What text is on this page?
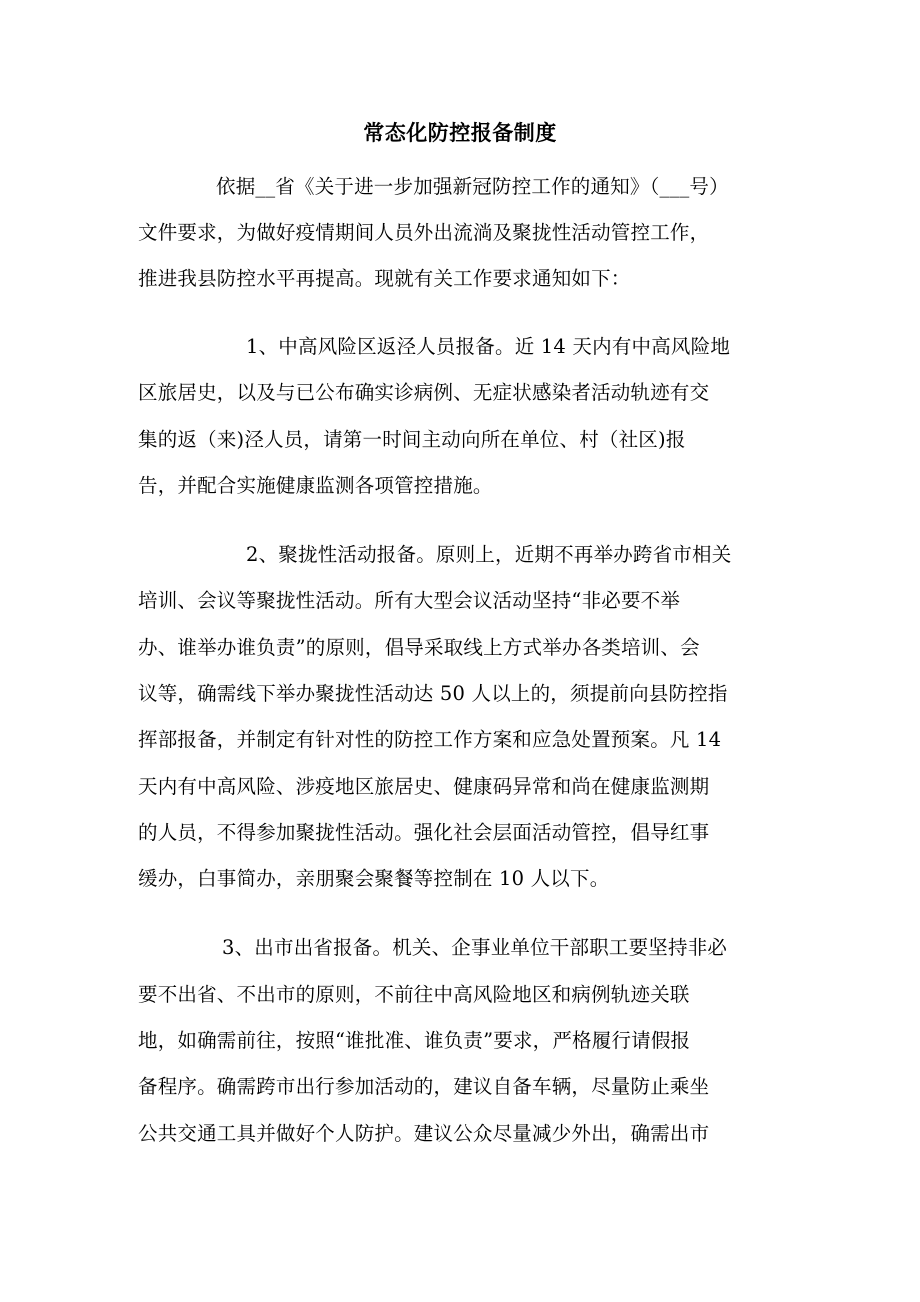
常态化防控报备制度
依据__省《关于进一步加强新冠防控工作的通知》（___号）
文件要求，为做好疫情期间人员外出流淌及聚拢性活动管控工作，
推进我县防控水平再提高。现就有关工作要求通知如下：
1、中高风险区返泾人员报备。近 14 天内有中高风险地
区旅居史，以及与已公布确实诊病例、无症状感染者活动轨迹有交
集的返（来)泾人员，请第一时间主动向所在单位、村（社区)报
告，并配合实施健康监测各项管控措施。
2、聚拢性活动报备。原则上，近期不再举办跨省市相关
培训、会议等聚拢性活动。所有大型会议活动坚持“非必要不举
办、谁举办谁负责”的原则，倡导采取线上方式举办各类培训、会
议等，确需线下举办聚拢性活动达 50 人以上的，须提前向县防控指
挥部报备，并制定有针对性的防控工作方案和应急处置预案。凡 14
天内有中高风险、涉疫地区旅居史、健康码异常和尚在健康监测期
的人员，不得参加聚拢性活动。强化社会层面活动管控，倡导红事
缓办，白事简办，亲朋聚会聚餐等控制在 10 人以下。
3、出市出省报备。机关、企事业单位干部职工要坚持非必
要不出省、不出市的原则，不前往中高风险地区和病例轨迹关联
地，如确需前往，按照“谁批准、谁负责”要求，严格履行请假报
备程序。确需跨市出行参加活动的，建议自备车辆，尽量防止乘坐
公共交通工具并做好个人防护。建议公众尽量减少外出，确需出市
